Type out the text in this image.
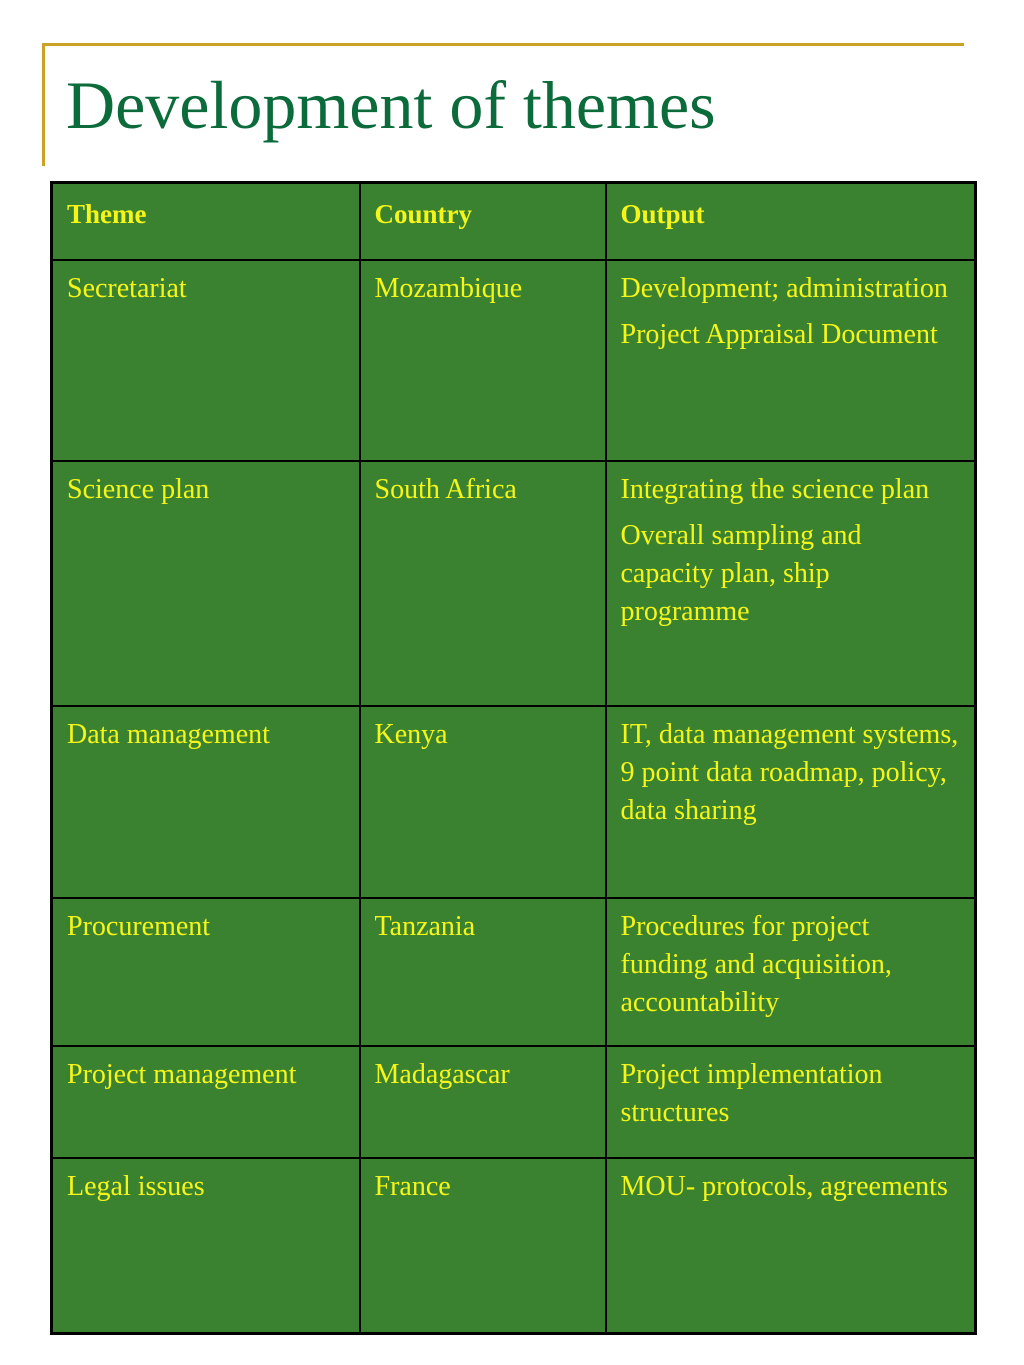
Development of themes
Theme	Country	Output
Secretariat	Mozambique	Development; administration
Project Appraisal Document

Science plan	South Africa	Integrating the science plan
Overall sampling and capacity plan, ship programme

Data management	Kenya	IT, data management systems, 9 point data roadmap, policy, data sharing

Procurement	Tanzania	Procedures for project funding and acquisition, accountability

Project management	Madagascar	Project implementation structures

Legal issues	France	MOU- protocols, agreements
